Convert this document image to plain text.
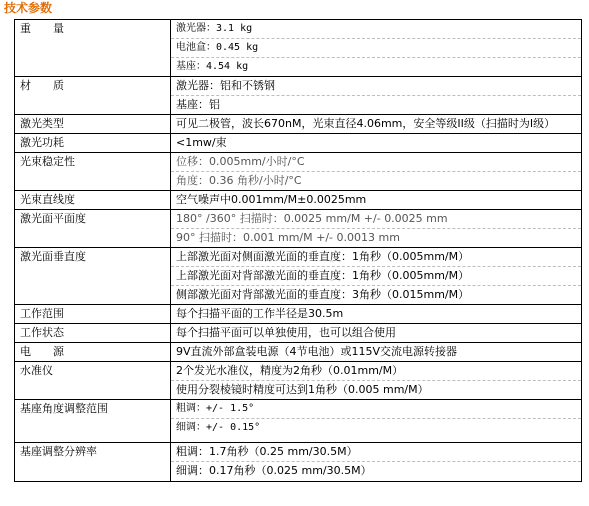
技术参数
重　　量	激光器：3.1 kg
电池盒：0.45 kg
基座：4.54 kg

材　　质	激光器：铝和不锈钢
基座：铝

激光类型	可见二极管，波长670nM，光束直径4.06mm，安全等级II级（扫描时为I级）

激光功耗	<1mw/束

光束稳定性	位移：0.005mm/小时/°C
角度：0.36 角秒/小时/°C

光束直线度	空气噪声中0.001mm/M±0.0025mm

激光面平面度	180° /360° 扫描时：0.0025 mm/M +/- 0.0025 mm
90° 扫描时：0.001 mm/M +/- 0.0013 mm

激光面垂直度	上部激光面对侧面激光面的垂直度：1角秒（0.005mm/M）
上部激光面对背部激光面的垂直度：1角秒（0.005mm/M）
侧部激光面对背部激光面的垂直度：3角秒（0.015mm/M）

工作范围	每个扫描平面的工作半径是30.5m

工作状态	每个扫描平面可以单独使用，也可以组合使用

电　　源	9V直流外部盒装电源（4节电池）或115V交流电源转接器

水准仪	2个发光水准仪，精度为2角秒（0.01mm/M）
使用分裂棱镜时精度可达到1角秒（0.005 mm/M）

基座角度调整范围	粗调：+/- 1.5°
细调：+/- 0.15°

基座调整分辨率	粗调：1.7角秒（0.25 mm/30.5M）
细调：0.17角秒（0.025 mm/30.5M）
